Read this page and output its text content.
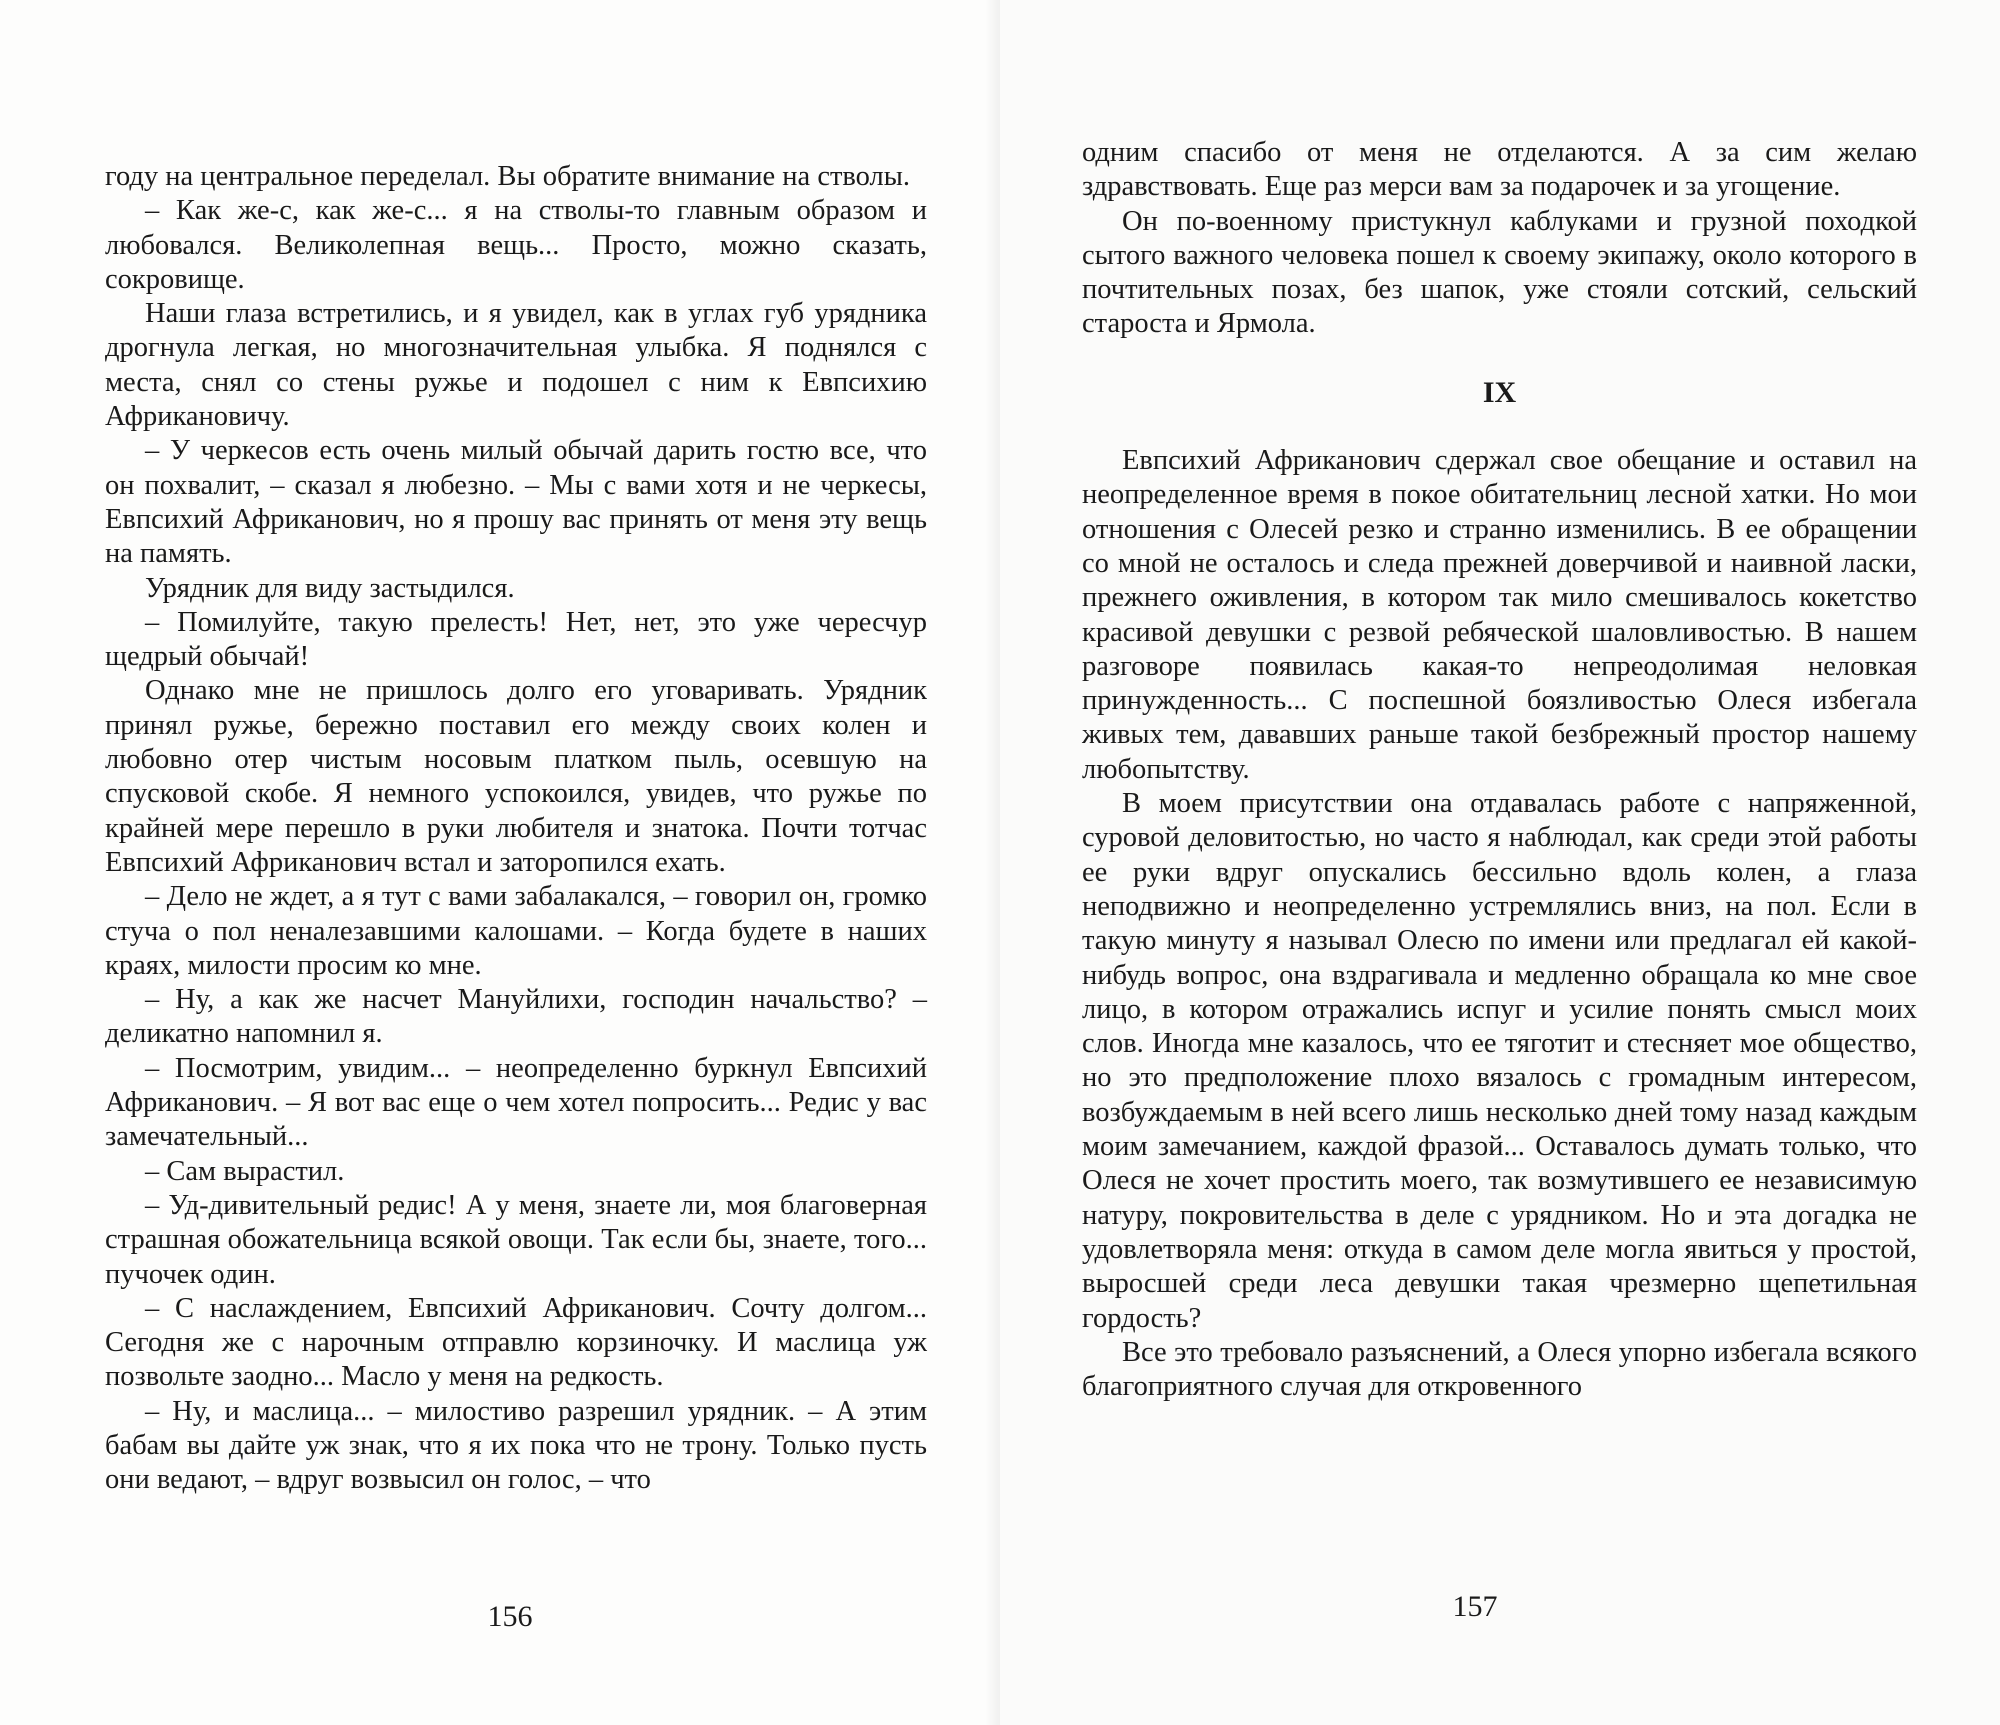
году на центральное переделал. Вы обратите внимание на стволы.

– Как же-с, как же-с... я на стволы-то главным образом и любовался. Великолепная вещь... Просто, можно сказать, сокровище.

Наши глаза встретились, и я увидел, как в углах губ урядника дрогнула легкая, но многозначительная улыбка. Я поднялся с места, снял со стены ружье и подошел с ним к Евпсихию Африкановичу.

– У черкесов есть очень милый обычай дарить гостю все, что он похвалит, – сказал я любезно. – Мы с вами хотя и не черкесы, Евпсихий Африканович, но я прошу вас принять от меня эту вещь на память.

Урядник для виду застыдился.

– Помилуйте, такую прелесть! Нет, нет, это уже чересчур щедрый обычай!

Однако мне не пришлось долго его уговаривать. Урядник принял ружье, бережно поставил его между своих колен и любовно отер чистым носовым платком пыль, осевшую на спусковой скобе. Я немного успокоился, увидев, что ружье по крайней мере перешло в руки любителя и знатока. Почти тотчас Евпсихий Африканович встал и заторопился ехать.

– Дело не ждет, а я тут с вами забалакался, – говорил он, громко стуча о пол неналезавшими калошами. – Когда будете в наших краях, милости просим ко мне.

– Ну, а как же насчет Мануйлихи, господин начальство? – деликатно напомнил я.

– Посмотрим, увидим... – неопределенно буркнул Евпсихий Африканович. – Я вот вас еще о чем хотел попросить... Редис у вас замечательный...

– Сам вырастил.

– Уд-дивительный редис! А у меня, знаете ли, моя благоверная страшная обожательница всякой овощи. Так если бы, знаете, того... пучочек один.

– С наслаждением, Евпсихий Африканович. Сочту долгом... Сегодня же с нарочным отправлю корзиночку. И маслица уж позвольте заодно... Масло у меня на редкость.

– Ну, и маслица... – милостиво разрешил урядник. – А этим бабам вы дайте уж знак, что я их пока что не трону. Только пусть они ведают, – вдруг возвысил он голос, – что

156

одним спасибо от меня не отделаются. А за сим желаю здравствовать. Еще раз мерси вам за подарочек и за угощение.

Он по-военному пристукнул каблуками и грузной походкой сытого важного человека пошел к своему экипажу, около которого в почтительных позах, без шапок, уже стояли сотский, сельский староста и Ярмола.

IX

Евпсихий Африканович сдержал свое обещание и оставил на неопределенное время в покое обитательниц лесной хатки. Но мои отношения с Олесей резко и странно изменились. В ее обращении со мной не осталось и следа прежней доверчивой и наивной ласки, прежнего оживления, в котором так мило смешивалось кокетство красивой девушки с резвой ребяческой шаловливостью. В нашем разговоре появилась какая-то непреодолимая неловкая принужденность... С поспешной боязливостью Олеся избегала живых тем, дававших раньше такой безбрежный простор нашему любопытству.

В моем присутствии она отдавалась работе с напряженной, суровой деловитостью, но часто я наблюдал, как среди этой работы ее руки вдруг опускались бессильно вдоль колен, а глаза неподвижно и неопределенно устремлялись вниз, на пол. Если в такую минуту я называл Олесю по имени или предлагал ей какой-нибудь вопрос, она вздрагивала и медленно обращала ко мне свое лицо, в котором отражались испуг и усилие понять смысл моих слов. Иногда мне казалось, что ее тяготит и стесняет мое общество, но это предположение плохо вязалось с громадным интересом, возбуждаемым в ней всего лишь несколько дней тому назад каждым моим замечанием, каждой фразой... Оставалось думать только, что Олеся не хочет простить моего, так возмутившего ее независимую натуру, покровительства в деле с урядником. Но и эта догадка не удовлетворяла меня: откуда в самом деле могла явиться у простой, выросшей среди леса девушки такая чрезмерно щепетильная гордость?

Все это требовало разъяснений, а Олеся упорно избегала всякого благоприятного случая для откровенного

157
